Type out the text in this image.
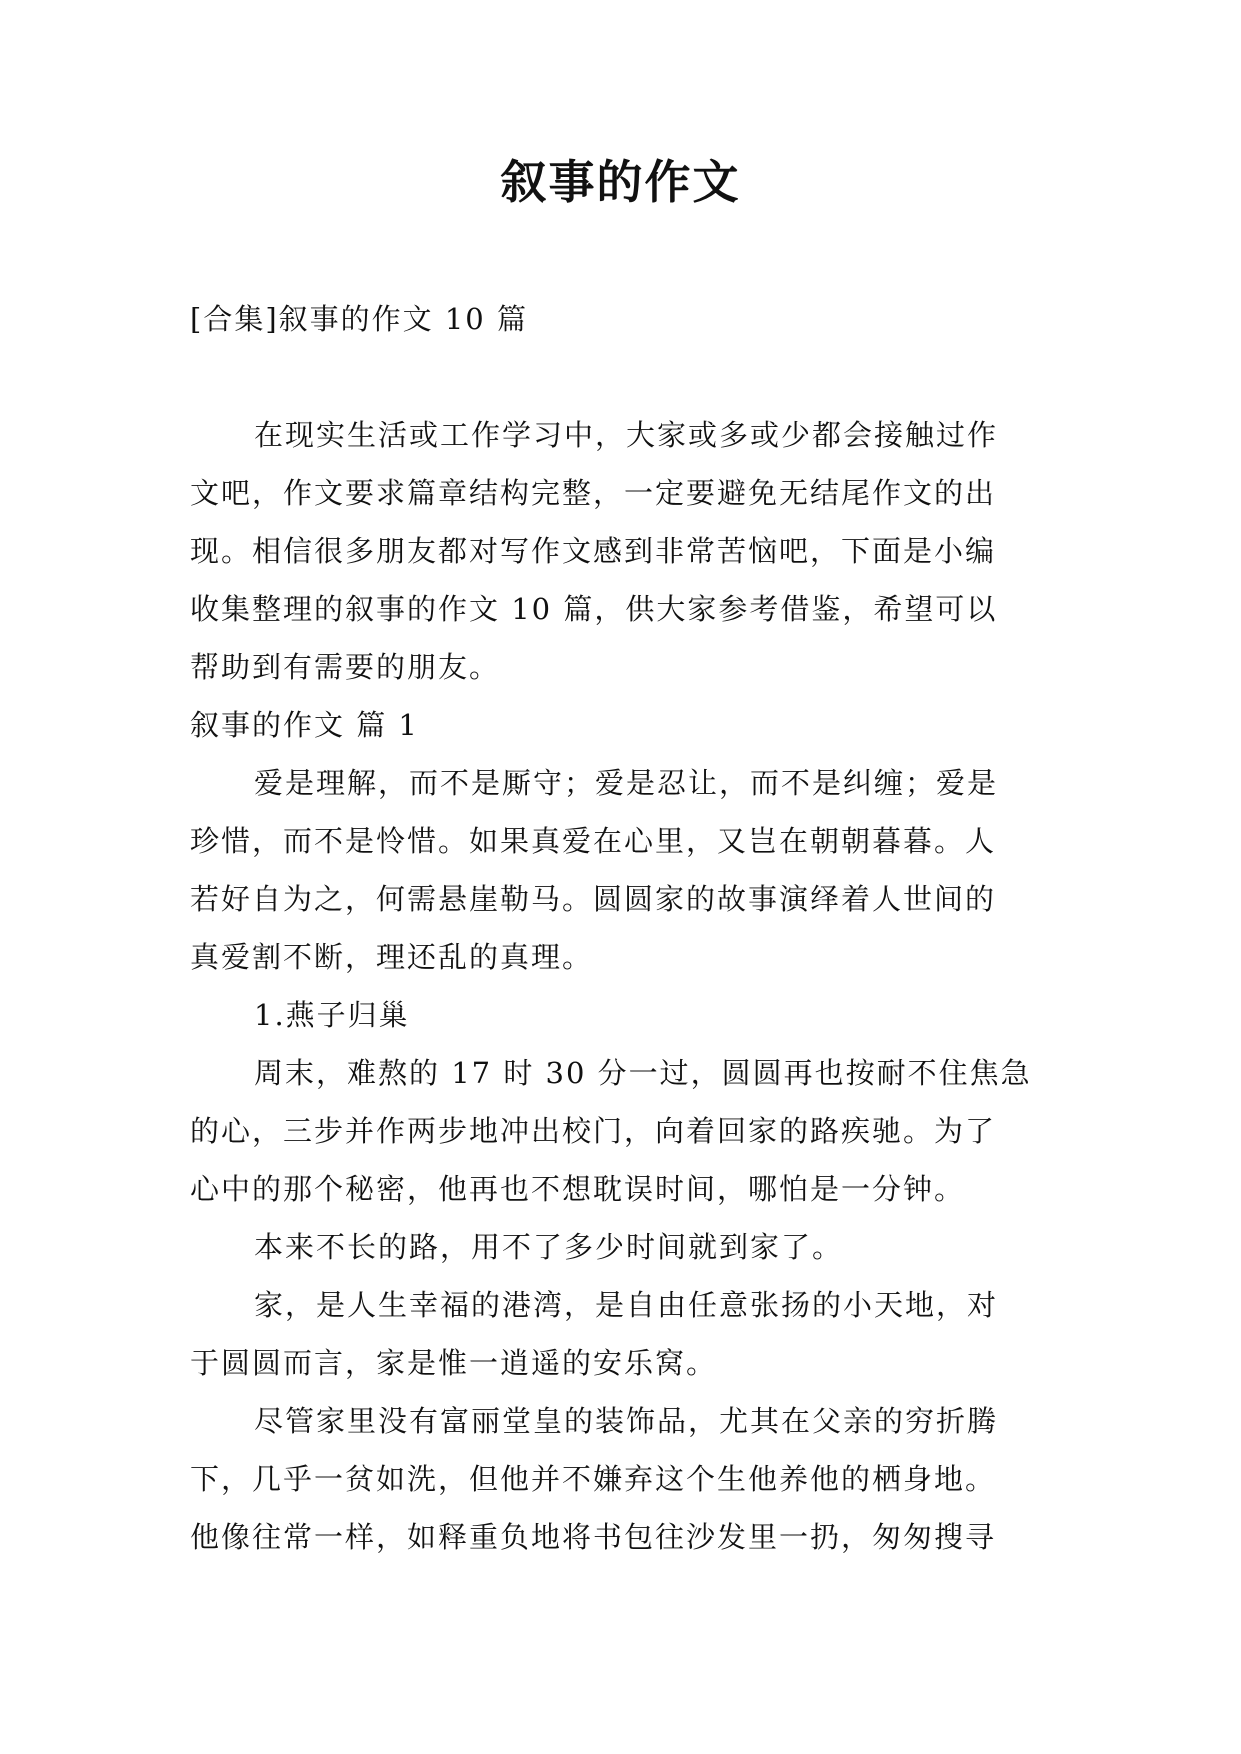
叙事的作文
[合集]叙事的作文 10 篇
在现实生活或工作学习中，大家或多或少都会接触过作
文吧，作文要求篇章结构完整，一定要避免无结尾作文的出
现。相信很多朋友都对写作文感到非常苦恼吧，下面是小编
收集整理的叙事的作文 10 篇，供大家参考借鉴，希望可以
帮助到有需要的朋友。
叙事的作文 篇 1
爱是理解，而不是厮守；爱是忍让，而不是纠缠；爱是
珍惜，而不是怜惜。如果真爱在心里，又岂在朝朝暮暮。人
若好自为之，何需悬崖勒马。圆圆家的故事演绎着人世间的
真爱割不断，理还乱的真理。
1.燕子归巢
周末，难熬的 17 时 30 分一过，圆圆再也按耐不住焦急
的心，三步并作两步地冲出校门，向着回家的路疾驰。为了
心中的那个秘密，他再也不想耽误时间，哪怕是一分钟。
本来不长的路，用不了多少时间就到家了。
家，是人生幸福的港湾，是自由任意张扬的小天地，对
于圆圆而言，家是惟一逍遥的安乐窝。
尽管家里没有富丽堂皇的装饰品，尤其在父亲的穷折腾
下，几乎一贫如洗，但他并不嫌弃这个生他养他的栖身地。
他像往常一样，如释重负地将书包往沙发里一扔，匆匆搜寻
